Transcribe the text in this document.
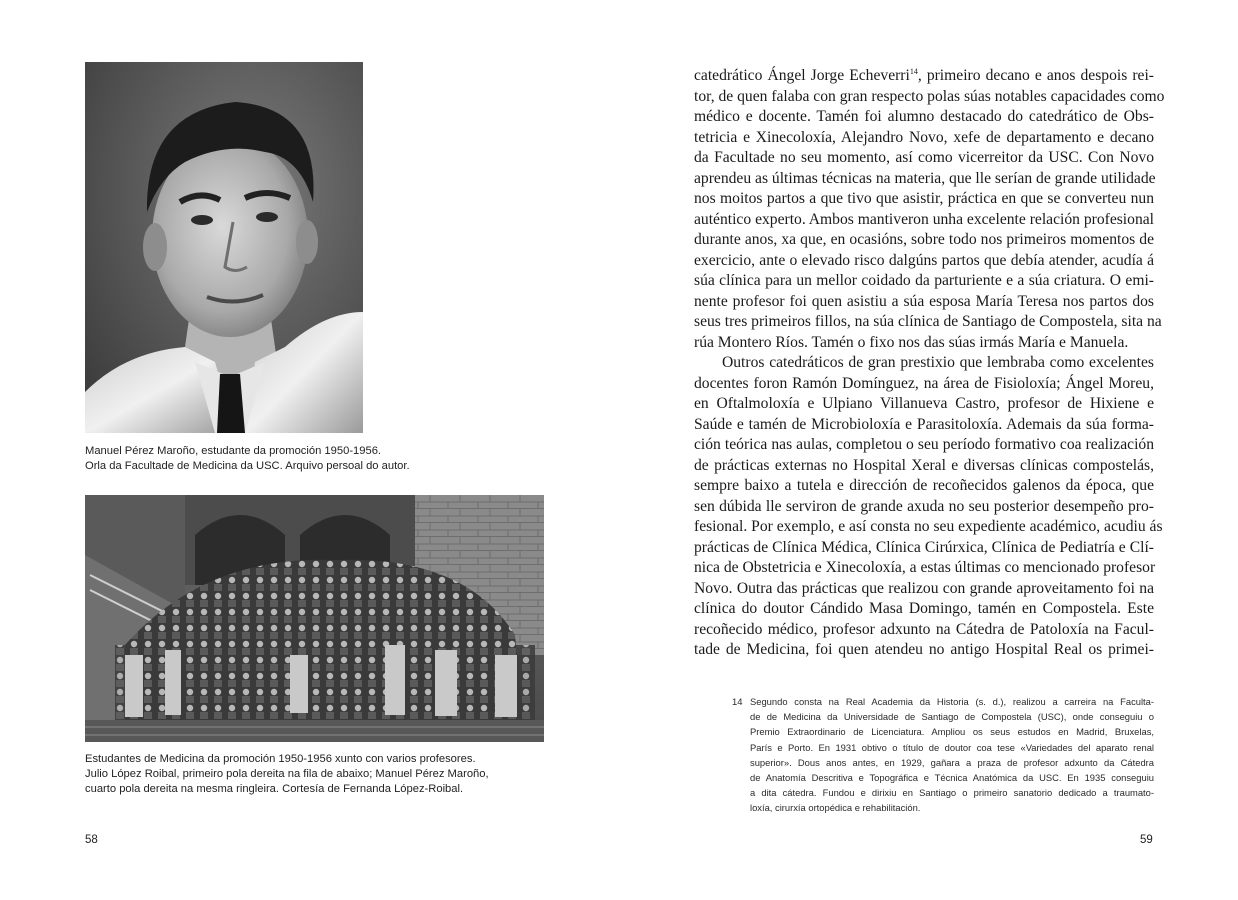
Manuel Pérez Maroño, estudante da promoción 1950-1956.
Orla da Facultade de Medicina da USC. Arquivo persoal do autor.
Estudantes de Medicina da promoción 1950-1956 xunto con varios profesores.
Julio López Roibal, primeiro pola dereita na fila de abaixo; Manuel Pérez Maroño,
cuarto pola dereita na mesma ringleira. Cortesía de Fernanda López-Roibal.
58
catedrático Ángel Jorge Echeverri$^{14}$, primeiro decano e anos despois rei-
tor, de quen falaba con gran respecto polas súas notables capacidades como
médico e docente. Tamén foi alumno destacado do catedrático de Obs-
tetricia e Xinecoloxía, Alejandro Novo, xefe de departamento e decano
da Facultade no seu momento, así como vicerreitor da USC. Con Novo
aprendeu as últimas técnicas na materia, que lle serían de grande utilidade
nos moitos partos a que tivo que asistir, práctica en que se converteu nun
auténtico experto. Ambos mantiveron unha excelente relación profesional
durante anos, xa que, en ocasións, sobre todo nos primeiros momentos de
exercicio, ante o elevado risco dalgúns partos que debía atender, acudía á
súa clínica para un mellor coidado da parturiente e a súa criatura. O emi-
nente profesor foi quen asistiu a súa esposa María Teresa nos partos dos
seus tres primeiros fillos, na súa clínica de Santiago de Compostela, sita na
rúa Montero Ríos. Tamén o fixo nos das súas irmás María e Manuela.
Outros catedráticos de gran prestixio que lembraba como excelentes
docentes foron Ramón Domínguez, na área de Fisioloxía; Ángel Moreu,
en Oftalmoloxía e Ulpiano Villanueva Castro, profesor de Hixiene e
Saúde e tamén de Microbioloxía e Parasitoloxía. Ademais da súa forma-
ción teórica nas aulas, completou o seu período formativo coa realización
de prácticas externas no Hospital Xeral e diversas clínicas compostelás,
sempre baixo a tutela e dirección de recoñecidos galenos da época, que
sen dúbida lle serviron de grande axuda no seu posterior desempeño pro-
fesional. Por exemplo, e así consta no seu expediente académico, acudiu ás
prácticas de Clínica Médica, Clínica Cirúrxica, Clínica de Pediatría e Clí-
nica de Obstetricia e Xinecoloxía, a estas últimas co mencionado profesor
Novo. Outra das prácticas que realizou con grande aproveitamento foi na
clínica do doutor Cándido Masa Domingo, tamén en Compostela. Este
recoñecido médico, profesor adxunto na Cátedra de Patoloxía na Facul-
tade de Medicina, foi quen atendeu no antigo Hospital Real os primei-
14 Segundo consta na Real Academia da Historia (s. d.), realizou a carreira na Faculta-
de de Medicina da Universidade de Santiago de Compostela (USC), onde conseguiu o
Premio Extraordinario de Licenciatura. Ampliou os seus estudos en Madrid, Bruxelas,
París e Porto. En 1931 obtivo o título de doutor coa tese «Variedades del aparato renal
superior». Dous anos antes, en 1929, gañara a praza de profesor adxunto da Cátedra
de Anatomía Descritiva e Topográfica e Técnica Anatómica da USC. En 1935 conseguiu
a dita cátedra. Fundou e dirixiu en Santiago o primeiro sanatorio dedicado a traumato-
loxía, cirurxía ortopédica e rehabilitación.
59
